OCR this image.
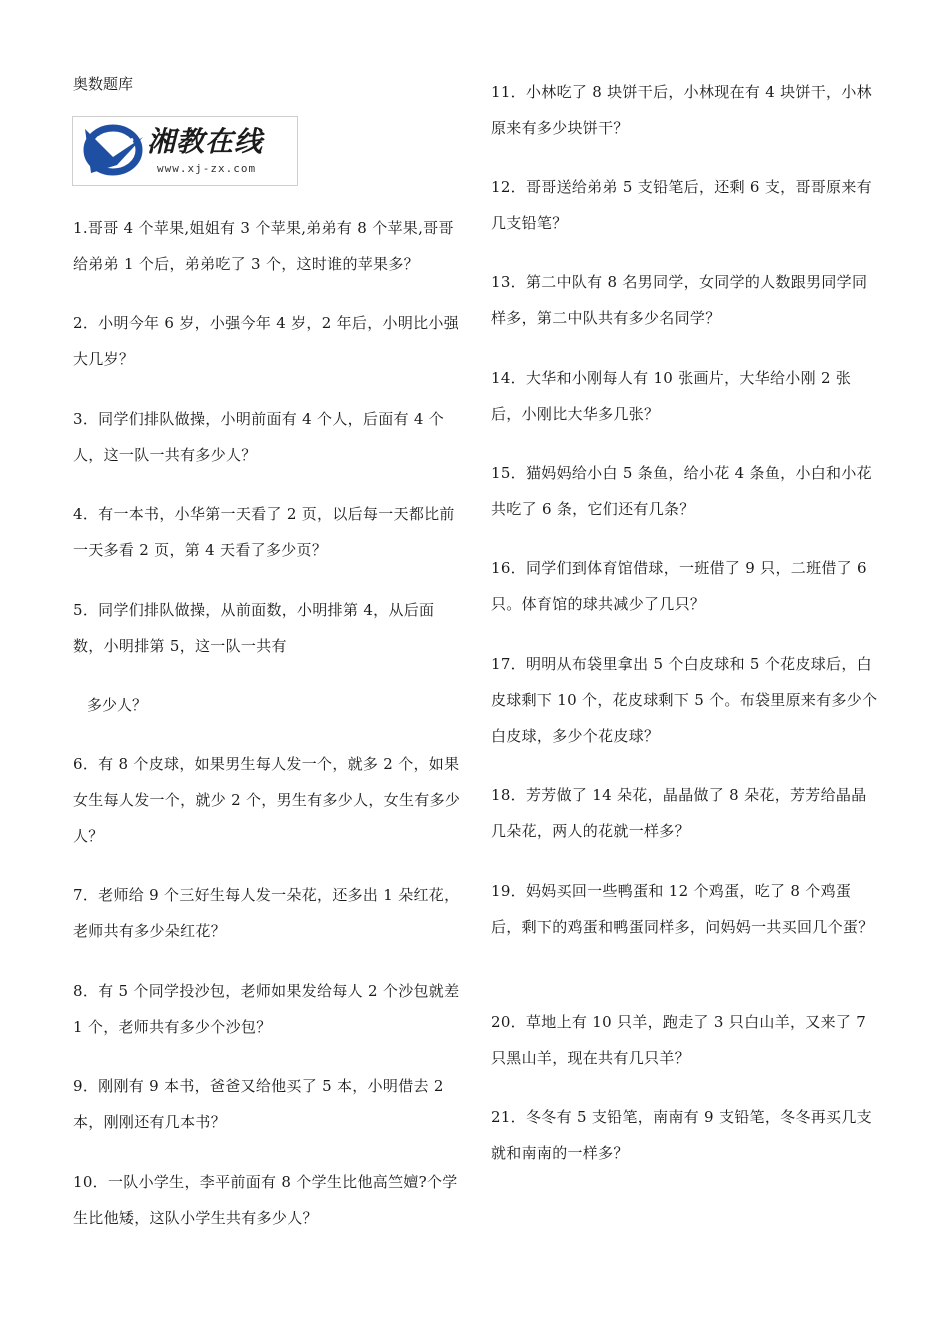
奥数题库
湘教在线
www.xj-zx.com
1.哥哥 4 个苹果,姐姐有 3 个苹果,弟弟有 8 个苹果,哥哥给弟弟 1 个后，弟弟吃了 3 个，这时谁的苹果多？
2．小明今年 6 岁，小强今年 4 岁，2 年后，小明比小强大几岁？
3．同学们排队做操，小明前面有 4 个人，后面有 4 个人，这一队一共有多少人？
4．有一本书，小华第一天看了 2 页，以后每一天都比前一天多看 2 页，第 4 天看了多少页？
5．同学们排队做操，从前面数，小明排第 4，从后面数，小明排第 5，这一队一共有
多少人？
6．有 8 个皮球，如果男生每人发一个，就多 2 个，如果女生每人发一个，就少 2 个，男生有多少人，女生有多少人？
7．老师给 9 个三好生每人发一朵花，还多出 1 朵红花，老师共有多少朵红花？
8．有 5 个同学投沙包，老师如果发给每人 2 个沙包就差 1 个，老师共有多少个沙包？
9．刚刚有 9 本书，爸爸又给他买了 5 本，小明借去 2 本，刚刚还有几本书？
10．一队小学生，李平前面有 8 个学生比他高竺嬗?个学生比他矮，这队小学生共有多少人？
11．小林吃了 8 块饼干后，小林现在有 4 块饼干，小林原来有多少块饼干？
12．哥哥送给弟弟 5 支铅笔后，还剩 6 支，哥哥原来有几支铅笔？
13．第二中队有 8 名男同学，女同学的人数跟男同学同样多，第二中队共有多少名同学？
14．大华和小刚每人有 10 张画片，大华给小刚 2 张后，小刚比大华多几张？
15．猫妈妈给小白 5 条鱼，给小花 4 条鱼，小白和小花共吃了 6 条，它们还有几条？
16．同学们到体育馆借球，一班借了 9 只，二班借了 6 只。体育馆的球共减少了几只？
17．明明从布袋里拿出 5 个白皮球和 5 个花皮球后，白皮球剩下 10 个，花皮球剩下 5 个。布袋里原来有多少个白皮球，多少个花皮球？
18．芳芳做了 14 朵花，晶晶做了 8 朵花，芳芳给晶晶几朵花，两人的花就一样多？
19．妈妈买回一些鸭蛋和 12 个鸡蛋，吃了 8 个鸡蛋后，剩下的鸡蛋和鸭蛋同样多，问妈妈一共买回几个蛋？
20．草地上有 10 只羊，跑走了 3 只白山羊，又来了 7 只黑山羊，现在共有几只羊？
21．冬冬有 5 支铅笔，南南有 9 支铅笔，冬冬再买几支就和南南的一样多？
